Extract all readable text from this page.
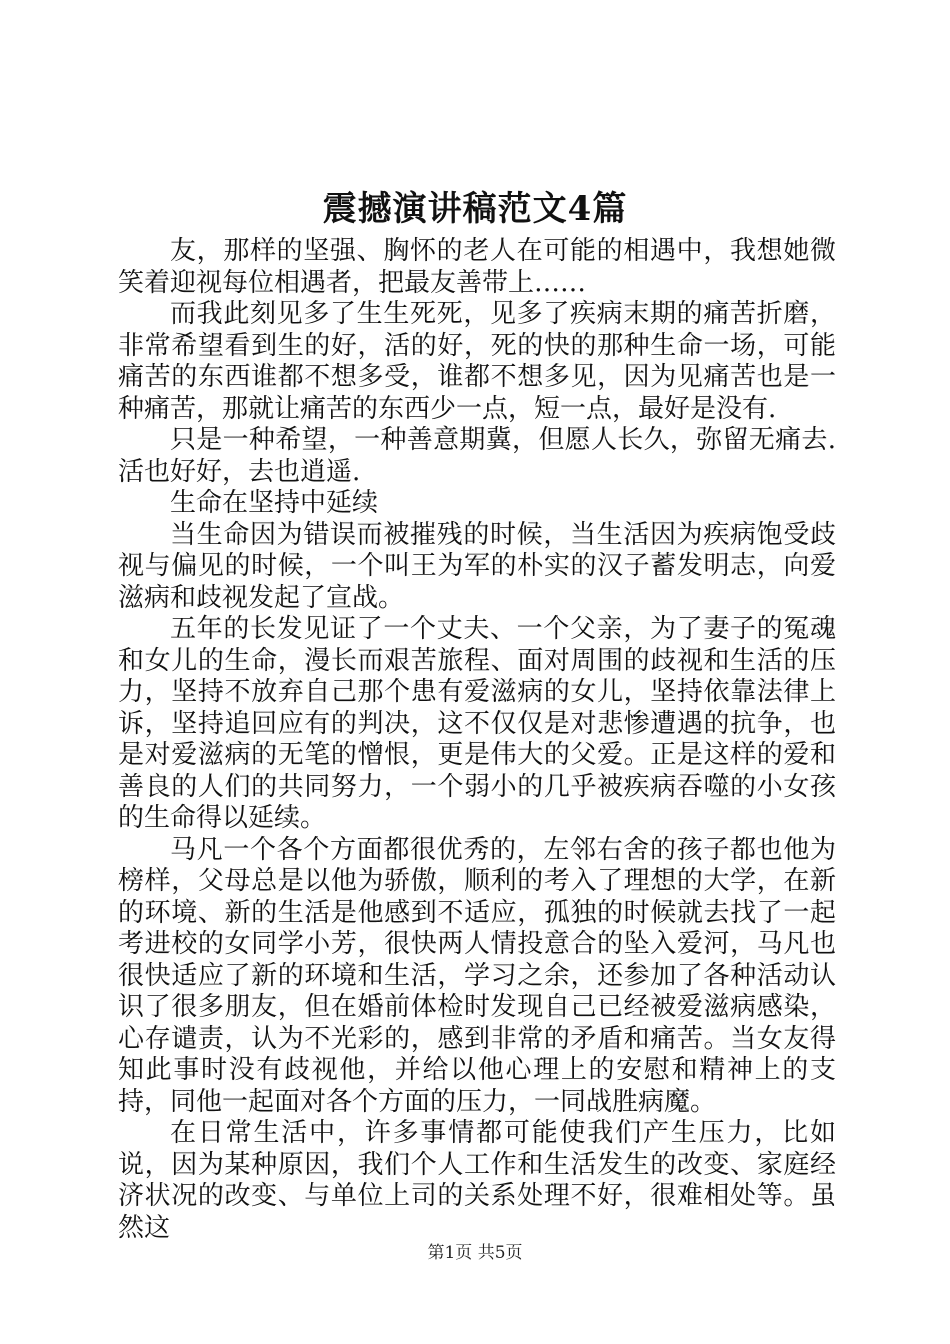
震撼演讲稿范文4篇

友，那样的坚强、胸怀的老人在可能的相遇中，我想她微笑着迎视每位相遇者，把最友善带上……

而我此刻见多了生生死死，见多了疾病末期的痛苦折磨，非常希望看到生的好，活的好，死的快的那种生命一场，可能痛苦的东西谁都不想多受，谁都不想多见，因为见痛苦也是一种痛苦，那就让痛苦的东西少一点，短一点，最好是没有.

只是一种希望，一种善意期冀，但愿人长久，弥留无痛去.活也好好，去也逍遥.

生命在坚持中延续

当生命因为错误而被摧残的时候，当生活因为疾病饱受歧视与偏见的时候，一个叫王为军的朴实的汉子蓄发明志，向爱滋病和歧视发起了宣战。

五年的长发见证了一个丈夫、一个父亲，为了妻子的冤魂和女儿的生命，漫长而艰苦旅程、面对周围的歧视和生活的压力，坚持不放弃自己那个患有爱滋病的女儿，坚持依靠法律上诉，坚持追回应有的判决，这不仅仅是对悲惨遭遇的抗争，也是对爱滋病的无笔的憎恨，更是伟大的父爱。正是这样的爱和善良的人们的共同努力，一个弱小的几乎被疾病吞噬的小女孩的生命得以延续。

马凡一个各个方面都很优秀的，左邻右舍的孩子都也他为榜样，父母总是以他为骄傲，顺利的考入了理想的大学，在新的环境、新的生活是他感到不适应，孤独的时候就去找了一起考进校的女同学小芳，很快两人情投意合的坠入爱河，马凡也很快适应了新的环境和生活，学习之余，还参加了各种活动认识了很多朋友，但在婚前体检时发现自己已经被爱滋病感染，心存谴责，认为不光彩的，感到非常的矛盾和痛苦。当女友得知此事时没有歧视他，并给以他心理上的安慰和精神上的支持，同他一起面对各个方面的压力，一同战胜病魔。

在日常生活中，许多事情都可能使我们产生压力，比如说，因为某种原因，我们个人工作和生活发生的改变、家庭经济状况的改变、与单位上司的关系处理不好，很难相处等。虽然这

第1页 共5页
